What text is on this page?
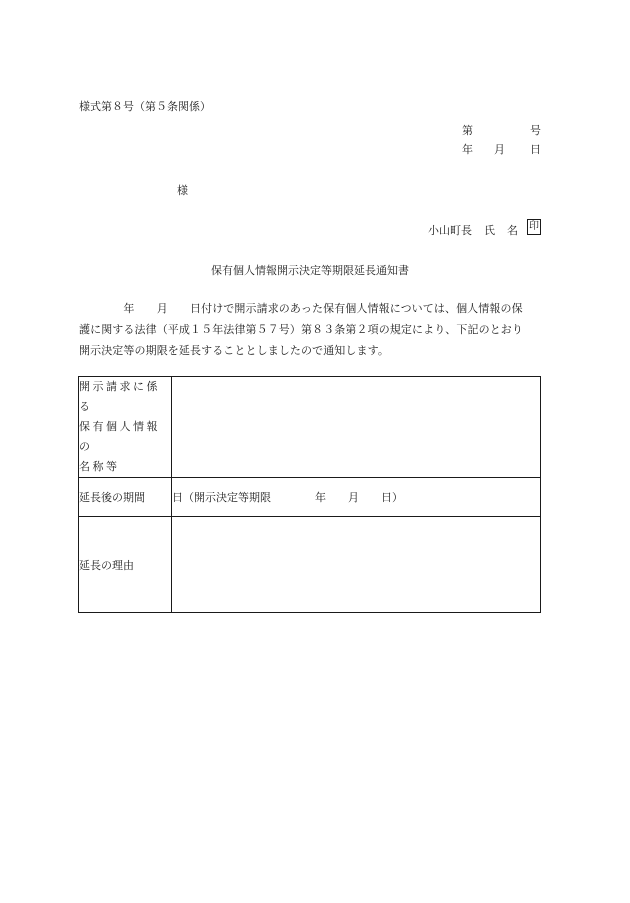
様式第８号（第５条関係）
第	号
年 月 日
様
小山町長 氏 名 印
保有個人情報開示決定等期限延長通知書
　　　　年　　月　　日付けで開示請求のあった保有個人情報については、個人情報の保
護に関する法律（平成１５年法律第５７号）第８３条第２項の規定により、下記のとおり
開示決定等の期限を延長することとしましたので通知します。
開示請求に係る
保有個人情報の
名称等	

延長後の期間	日（開示決定等期限　　　　年　　月　　日）
延長の理由	
